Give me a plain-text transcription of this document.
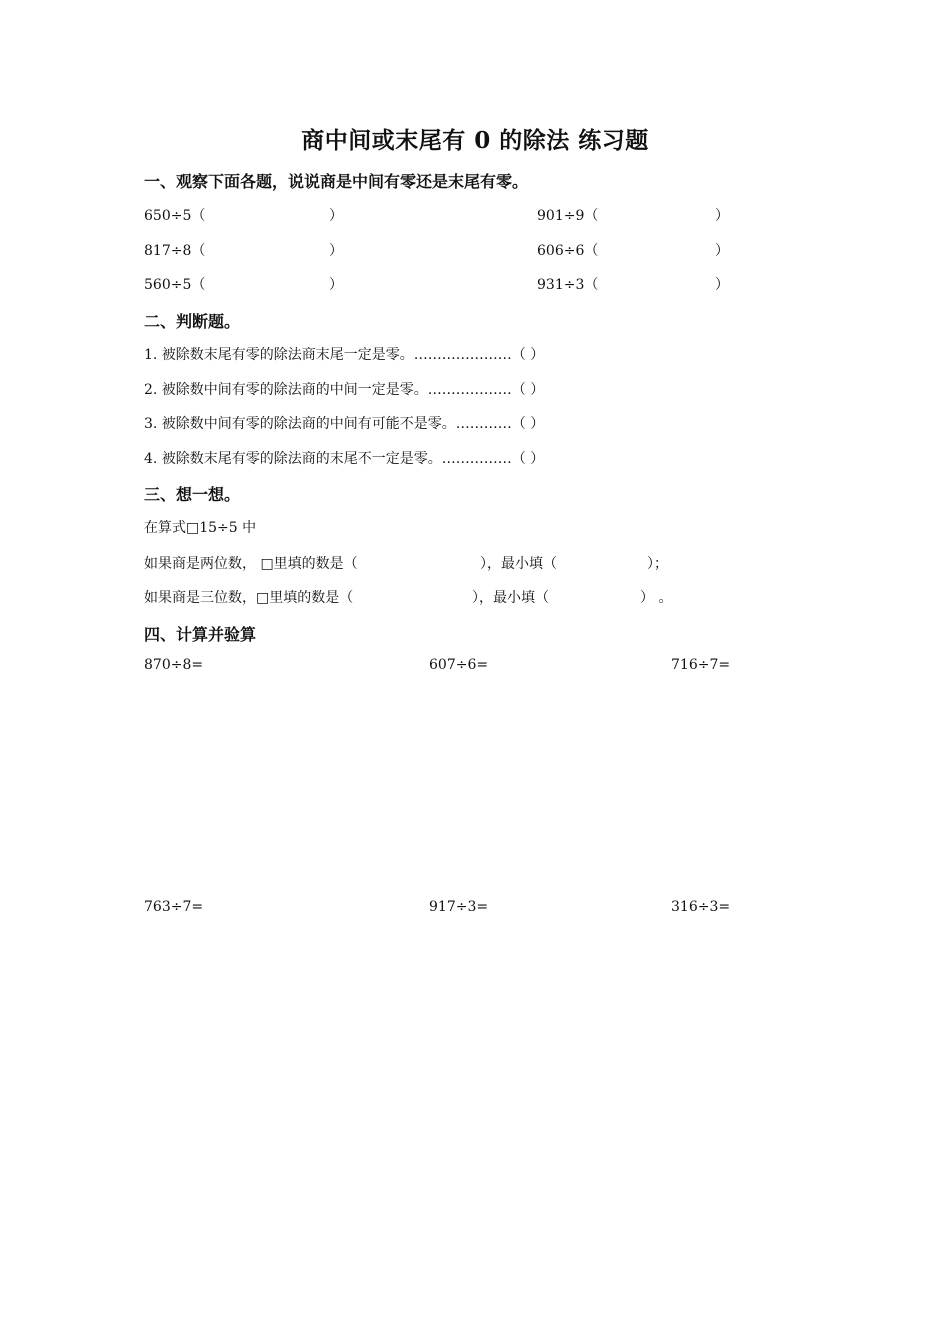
商中间或末尾有 0 的除法 练习题
一、观察下面各题，说说商是中间有零还是末尾有零。
650÷5（	）	901÷9（	）
817÷8（	）	606÷6（	）
560÷5（	）	931÷3（	）
二、判断题。
1. 被除数末尾有零的除法商末尾一定是零。…………………（ ）
2. 被除数中间有零的除法商的中间一定是零。………………（ ）
3. 被除数中间有零的除法商的中间有可能不是零。…………（ ）
4. 被除数末尾有零的除法商的末尾不一定是零。……………（ ）
三、想一想。
在算式□15÷5 中
如果商是两位数， □里填的数是（	），最小填（	）；
如果商是三位数，□里填的数是（	），最小填（	） 。
四、计算并验算
870÷8=	607÷6=	716÷7=
763÷7=	917÷3=	316÷3=
